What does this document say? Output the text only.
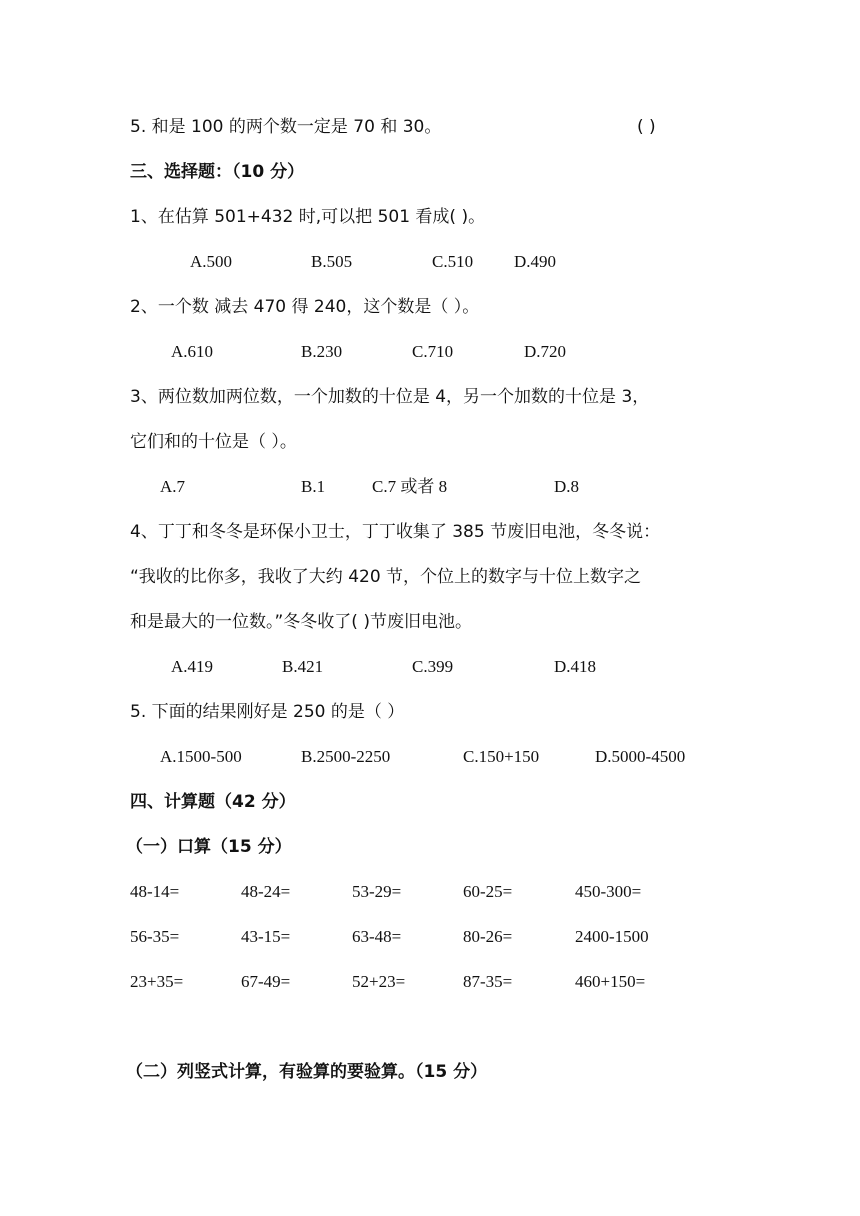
5. 和是 100 的两个数一定是 70 和 30。	( )
三、选择题：（10 分）
1、在估算 501+432 时,可以把 501 看成( )。
A.500	B.505	C.510 D.490
2、一个数 减去 470 得 240，这个数是（ ）。
A.610	B.230	C.710	D.720
3、两位数加两位数，一个加数的十位是 4，另一个加数的十位是 3，
它们和的十位是（ ）。
A.7	B.1	C.7 或者 8	D.8
4、丁丁和冬冬是环保小卫士，丁丁收集了 385 节废旧电池，冬冬说：
“我收的比你多，我收了大约 420 节，个位上的数字与十位上数字之
和是最大的一位数。”冬冬收了( )节废旧电池。
A.419	B.421	C.399	D.418
5. 下面的结果刚好是 250 的是（ ）
A.1500-500	B.2500-2250	C.150+150	D.5000-4500
四、计算题（42 分）
（一）口算（15 分）
48-14=	48-24=	53-29=	60-25=	450-300=
56-35=	43-15=	63-48=	80-26=	2400-1500
23+35=	67-49=	52+23=	87-35=	460+150=
（二）列竖式计算，有验算的要验算。（15 分）
